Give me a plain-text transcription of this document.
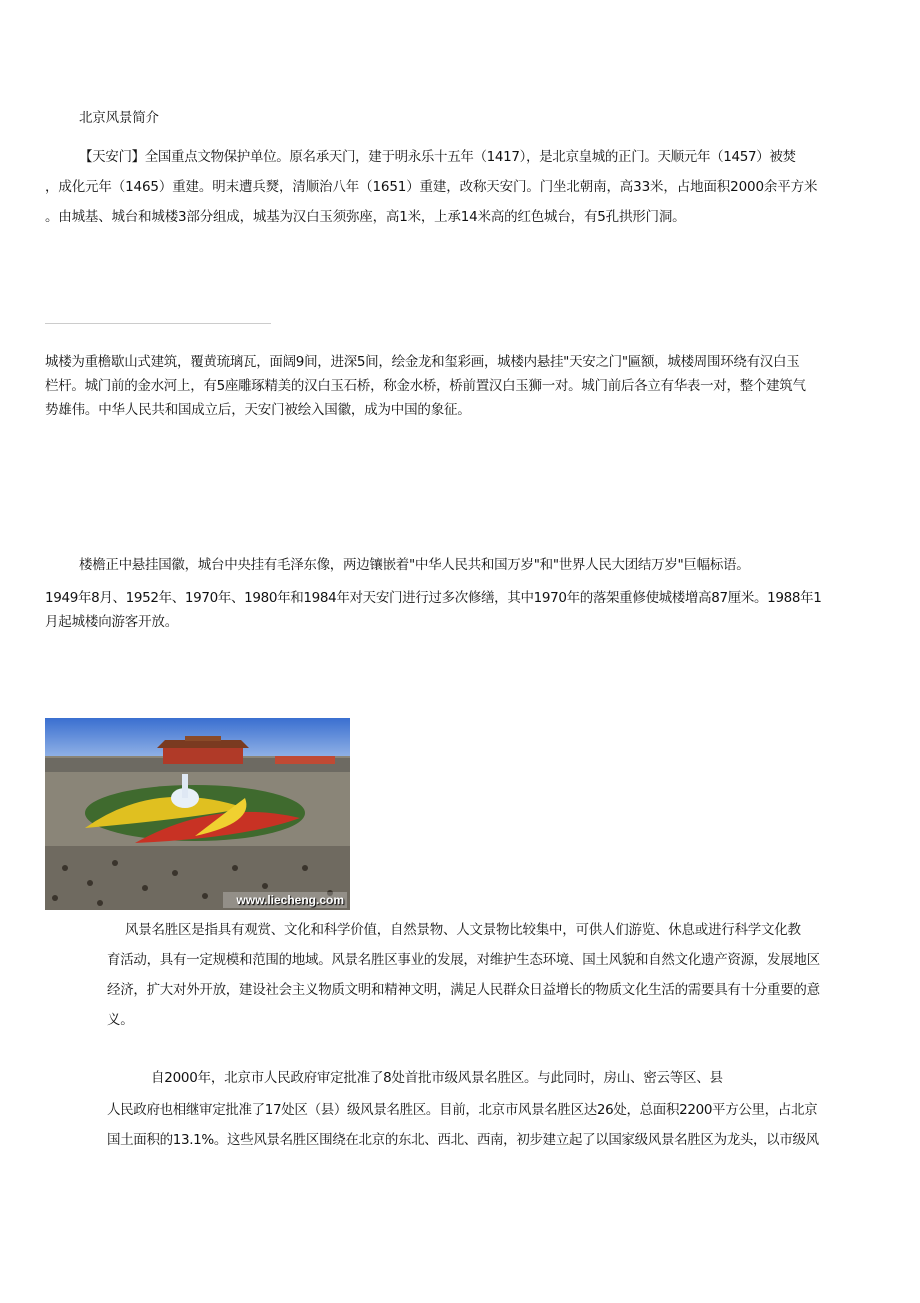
北京风景简介
【天安门】全国重点文物保护单位。原名承天门，建于明永乐十五年（1417），是北京皇城的正门。天顺元年（1457）被焚
，成化元年（1465）重建。明末遭兵燹，清顺治八年（1651）重建，改称天安门。门坐北朝南，高33米，占地面积2000余平方米
。由城基、城台和城楼3部分组成，城基为汉白玉须弥座，高1米，上承14米高的红色城台，有5孔拱形门洞。
城楼为重檐歇山式建筑，覆黄琉璃瓦，面阔9间，进深5间，绘金龙和玺彩画，城楼内悬挂"天安之门"匾额，城楼周围环绕有汉白玉
栏杆。城门前的金水河上，有5座雕琢精美的汉白玉石桥，称金水桥，桥前置汉白玉狮一对。城门前后各立有华表一对，整个建筑气
势雄伟。中华人民共和国成立后，天安门被绘入国徽，成为中国的象征。
楼檐正中悬挂国徽，城台中央挂有毛泽东像，两边镶嵌着"中华人民共和国万岁"和"世界人民大团结万岁"巨幅标语。
1949年8月、1952年、1970年、1980年和1984年对天安门进行过多次修缮，其中1970年的落架重修使城楼增高87厘米。1988年1
月起城楼向游客开放。
www.liecheng.com
风景名胜区是指具有观赏、文化和科学价值，自然景物、人文景物比较集中，可供人们游览、休息或进行科学文化教
育活动，具有一定规模和范围的地域。风景名胜区事业的发展，对维护生态环境、国土风貌和自然文化遗产资源，发展地区
经济，扩大对外开放，建设社会主义物质文明和精神文明，满足人民群众日益增长的物质文化生活的需要具有十分重要的意
义。
自2000年，北京市人民政府审定批准了8处首批市级风景名胜区。与此同时，房山、密云等区、县
人民政府也相继审定批准了17处区（县）级风景名胜区。目前，北京市风景名胜区达26处，总面积2200平方公里，占北京
国土面积的13.1%。这些风景名胜区围绕在北京的东北、西北、西南，初步建立起了以国家级风景名胜区为龙头，以市级风
